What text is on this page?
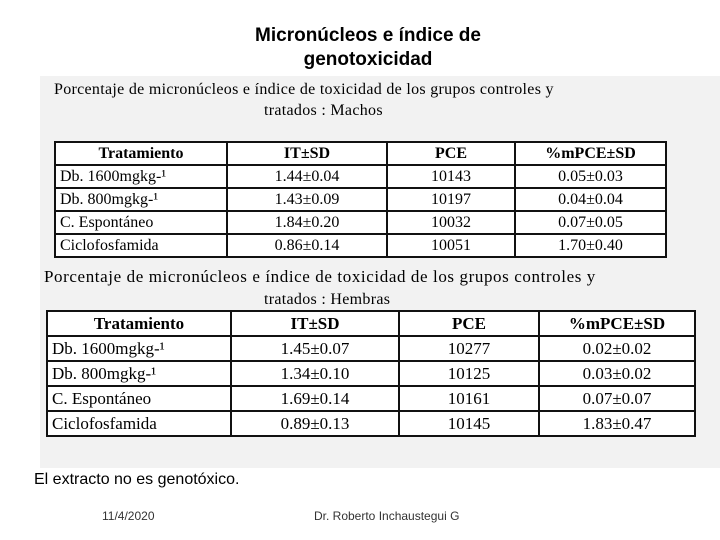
Micronúcleos e índice de
genotoxicidad
Porcentaje de micronúcleos e índice de toxicidad de los grupos controles y
tratados : Machos
Tratamiento	IT±SD	PCE	%mPCE±SD
Db. 1600mgkg-¹	1.44±0.04	10143	0.05±0.03
Db. 800mgkg-¹	1.43±0.09	10197	0.04±0.04
C. Espontáneo	1.84±0.20	10032	0.07±0.05
Ciclofosfamida	0.86±0.14	10051	1.70±0.40
Porcentaje de micronúcleos e índice de toxicidad de los grupos controles y
tratados : Hembras
Tratamiento	IT±SD	PCE	%mPCE±SD
Db. 1600mgkg-¹	1.45±0.07	10277	0.02±0.02
Db. 800mgkg-¹	1.34±0.10	10125	0.03±0.02
C. Espontáneo	1.69±0.14	10161	0.07±0.07
Ciclofosfamida	0.89±0.13	10145	1.83±0.47
El extracto no es genotóxico.
11/4/2020	Dr. Roberto Inchaustegui G
